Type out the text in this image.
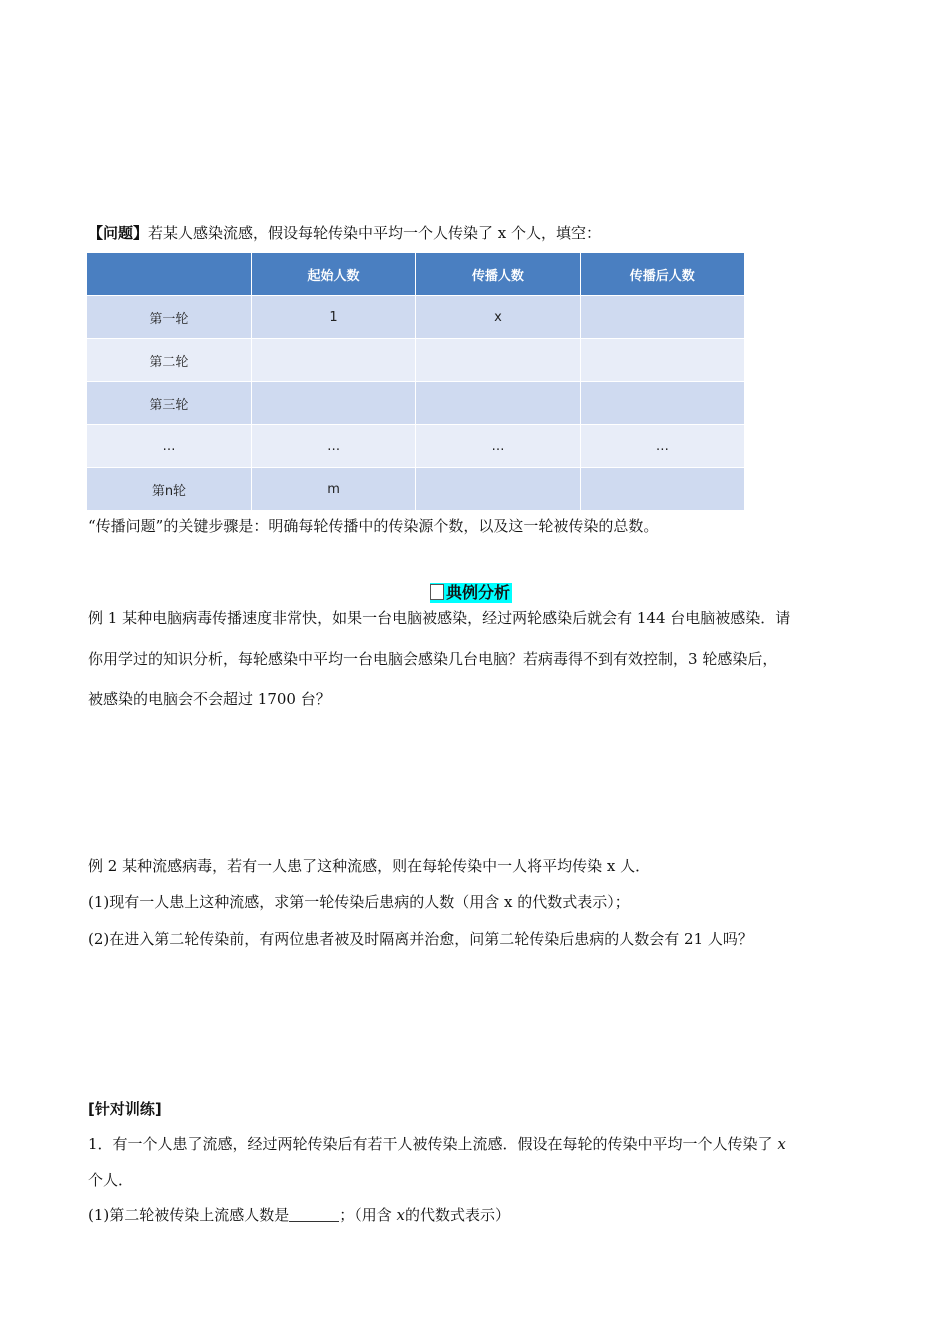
【问题】若某人感染流感，假设每轮传染中平均一个人传染了 x 个人，填空：
	起始人数	传播人数	传播后人数
第一轮	1	x	
第二轮			
第三轮			
…	…	…	…
第n轮	m		
“传播问题”的关键步骤是：明确每轮传播中的传染源个数，以及这一轮被传染的总数。
典例分析
例 1 某种电脑病毒传播速度非常快，如果一台电脑被感染，经过两轮感染后就会有 144 台电脑被感染．请
你用学过的知识分析，每轮感染中平均一台电脑会感染几台电脑？若病毒得不到有效控制，3 轮感染后，
被感染的电脑会不会超过 1700 台？
例 2 某种流感病毒，若有一人患了这种流感，则在每轮传染中一人将平均传染 x 人．
(1)现有一人患上这种流感，求第一轮传染后患病的人数（用含 x 的代数式表示）；
(2)在进入第二轮传染前，有两位患者被及时隔离并治愈，问第二轮传染后患病的人数会有 21 人吗？
[针对训练]
1．有一个人患了流感，经过两轮传染后有若干人被传染上流感．假设在每轮的传染中平均一个人传染了 x
个人．
(1)第二轮被传染上流感人数是	；（用含 x的代数式表示）
